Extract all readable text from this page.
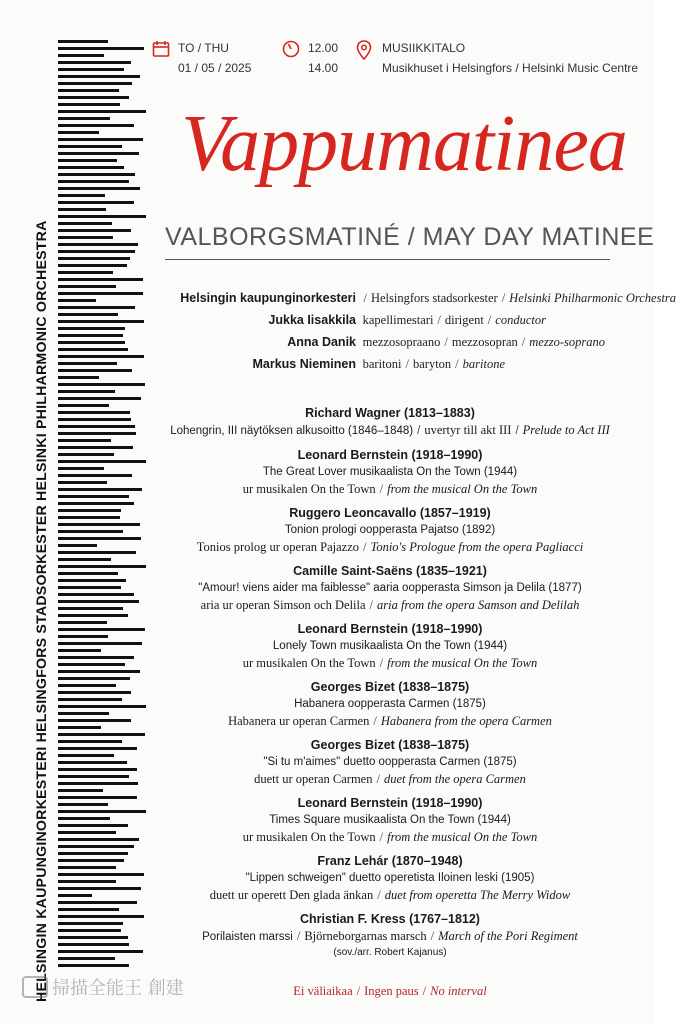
HELSINGIN KAUPUNGINORKESTERI HELSINGFORS STADSORKESTER HELSINKI PHILHARMONIC ORCHESTRA
TO / THU
01 / 05 / 2025
12.00
14.00
MUSIIKKITALO
Musikhuset i Helsingfors / Helsinki Music Centre
Vappumatinea
VALBORGSMATINÉ / MAY DAY MATINEE
Helsingin kaupunginorkesteri / Helsingfors stadsorkester / Helsinki Philharmonic Orchestra
Jukka Iisakkila kapellimestari / dirigent / conductor
Anna Danik mezzosopraano / mezzosopran / mezzo-soprano
Markus Nieminen baritoni / baryton / baritone
Richard Wagner (1813–1883)
Lohengrin, III näytöksen alkusoitto (1846–1848) / uvertyr till akt III / Prelude to Act III
Leonard Bernstein (1918–1990)
The Great Lover musikaalista On the Town (1944)
ur musikalen On the Town / from the musical On the Town
Ruggero Leoncavallo (1857–1919)
Tonion prologi oopperasta Pajatso (1892)
Tonios prolog ur operan Pajazzo / Tonio's Prologue from the opera Pagliacci
Camille Saint-Saëns (1835–1921)
"Amour! viens aider ma faiblesse" aaria oopperasta Simson ja Delila (1877)
aria ur operan Simson och Delila / aria from the opera Samson and Delilah
Leonard Bernstein (1918–1990)
Lonely Town musikaalista On the Town (1944)
ur musikalen On the Town / from the musical On the Town
Georges Bizet (1838–1875)
Habanera oopperasta Carmen (1875)
Habanera ur operan Carmen / Habanera from the opera Carmen
Georges Bizet (1838–1875)
"Si tu m'aimes" duetto oopperasta Carmen (1875)
duett ur operan Carmen / duet from the opera Carmen
Leonard Bernstein (1918–1990)
Times Square musikaalista On the Town (1944)
ur musikalen On the Town / from the musical On the Town
Franz Lehár (1870–1948)
"Lippen schweigen" duetto operetista Iloinen leski (1905)
duett ur operett Den glada änkan / duet from operetta The Merry Widow
Christian F. Kress (1767–1812)
Porilaisten marssi / Björneborgarnas marsch / March of the Pori Regiment
(sov./arr. Robert Kajanus)
Ei väliaikaa / Ingen paus / No interval
掃描全能王 創建
